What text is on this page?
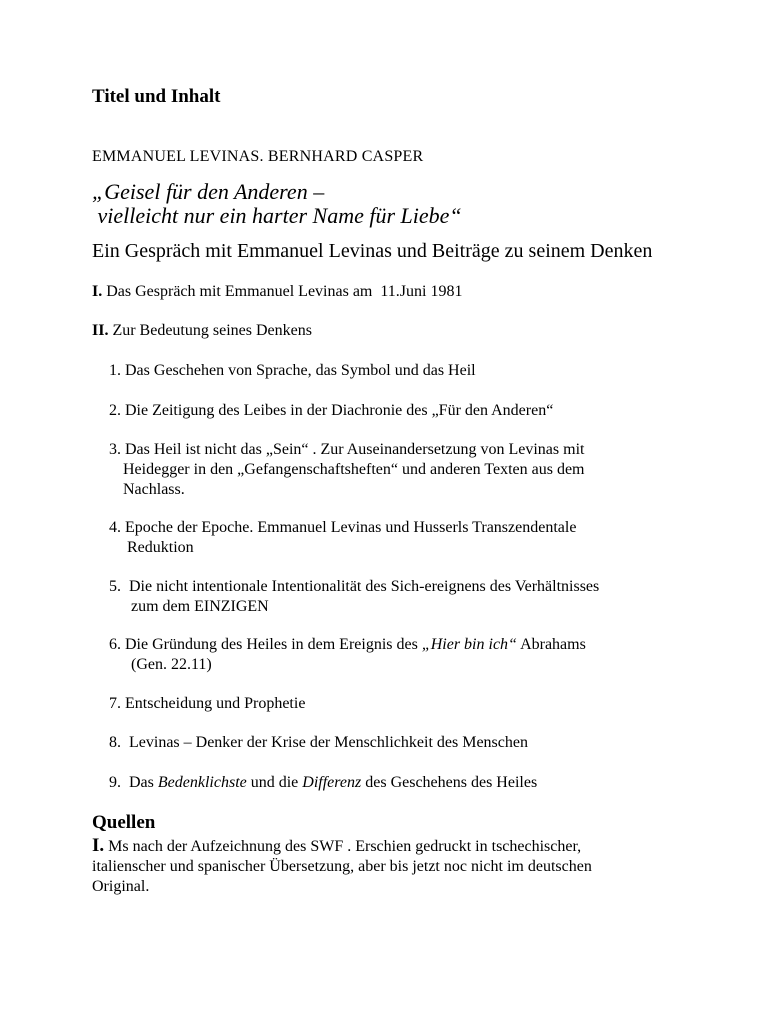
Titel und Inhalt
EMMANUEL LEVINAS. BERNHARD CASPER
„Geisel für den Anderen –
vielleicht nur ein harter Name für Liebe“
Ein Gespräch mit Emmanuel Levinas und Beiträge zu seinem Denken
I. Das Gespräch mit Emmanuel Levinas am  11.Juni 1981
II. Zur Bedeutung seines Denkens
1. Das Geschehen von Sprache, das Symbol und das Heil
2. Die Zeitigung des Leibes in der Diachronie des „Für den Anderen“
3. Das Heil ist nicht das „Sein“ . Zur Auseinandersetzung von Levinas mit
Heidegger in den „Gefangenschaftsheften“ und anderen Texten aus dem
Nachlass.
4. Epoche der Epoche. Emmanuel Levinas und Husserls Transzendentale
Reduktion
5.  Die nicht intentionale Intentionalität des Sich-ereignens des Verhältnisses
zum dem EINZIGEN
6. Die Gründung des Heiles in dem Ereignis des „Hier bin ich“ Abrahams
(Gen. 22.11)
7. Entscheidung und Prophetie
8.  Levinas – Denker der Krise der Menschlichkeit des Menschen
9.  Das Bedenklichste und die Differenz des Geschehens des Heiles
Quellen
I. Ms nach der Aufzeichnung des SWF . Erschien gedruckt in tschechischer,
italienscher und spanischer Übersetzung, aber bis jetzt noc nicht im deutschen
Original.
